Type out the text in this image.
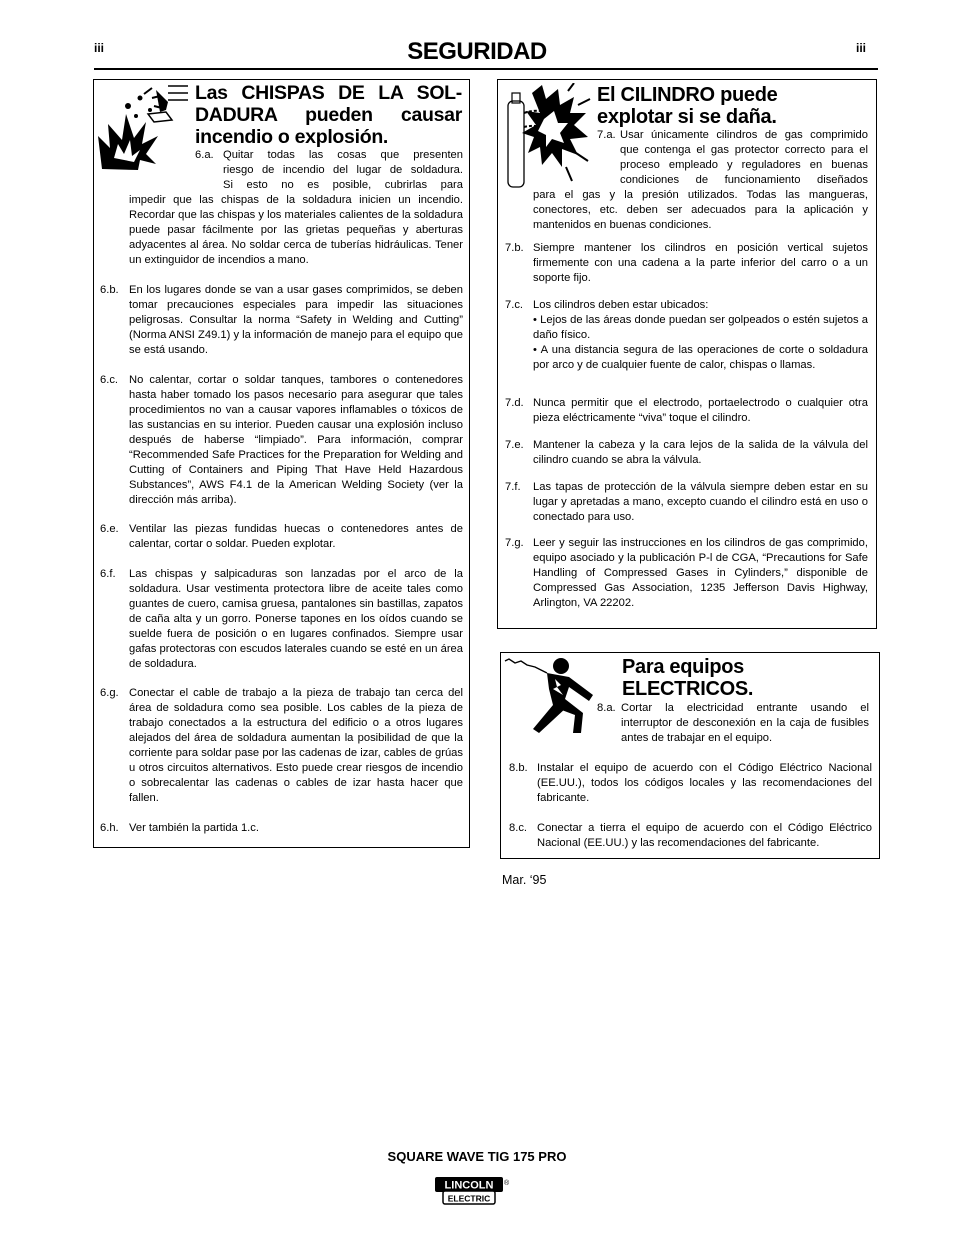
iii	SEGURIDAD	iii
Las CHISPAS DE LA SOL-
DADURA pueden causar
incendio o explosión.
6.a. Quitar todas las cosas que presenten
riesgo de incendio del lugar de soldadura.
Si esto no es posible, cubrirlas para
impedir que las chispas de la soldadura inicien un incendio. Recordar que las chispas y los materiales calientes de la soldadura puede pasar fácilmente por las grietas pequeñas y aberturas adyacentes al área. No soldar cerca de tuberías hidráulicas. Tener un extinguidor de incendios a mano.
6.b. En los lugares donde se van a usar gases comprimidos, se deben tomar precauciones especiales para impedir las situaciones peligrosas. Consultar la norma “Safety in Welding and Cutting” (Norma ANSI Z49.1) y la información de manejo para el equipo que se está usando.
6.c. No calentar, cortar o soldar tanques, tambores o contenedores hasta haber tomado los pasos necesario para asegurar que tales procedimientos no van a causar vapores inflamables o tóxicos de las sustancias en su interior. Pueden causar una explosión incluso después de haberse “limpiado”. Para información, comprar “Recommended Safe Practices for the Preparation for Welding and Cutting of Containers and Piping That Have Held Hazardous Substances”, AWS F4.1 de la American Welding Society (ver la dirección más arriba).
6.e. Ventilar las piezas fundidas huecas o contenedores antes de calentar, cortar o soldar. Pueden explotar.
6.f.	Las chispas y salpicaduras son lanzadas por el arco de la soldadura. Usar vestimenta protectora libre de aceite tales como guantes de cuero, camisa gruesa, pantalones sin bastillas, zapatos de caña alta y un gorro. Ponerse tapones en los oídos cuando se suelde fuera de posición o en lugares confinados. Siempre usar gafas protectoras con escudos laterales cuando se esté en un área de soldadura.
6.g. Conectar el cable de trabajo a la pieza de trabajo tan cerca del área de soldadura como sea posible. Los cables de la pieza de trabajo conectados a la estructura del edificio o a otros lugares alejados del área de soldadura aumentan la posibilidad de que la corriente para soldar pase por las cadenas de izar, cables de grúas u otros circuitos alternativos. Esto puede crear riesgos de incendio o sobrecalentar las cadenas o cables de izar hasta hacer que fallen.
6.h. Ver también la partida 1.c.
El CILINDRO puede
explotar si se daña.
7.a. Usar únicamente cilindros de gas comprimido
que contenga el gas protector correcto para el
proceso empleado y reguladores en buenas
condiciones de funcionamiento diseñados
para el gas y la presión utilizados. Todas las mangueras, conectores, etc. deben ser adecuados para la aplicación y mantenidos en buenas condiciones.
7.b. Siempre mantener los cilindros en posición vertical sujetos firmemente con una cadena a la parte inferior del carro o a un soporte fijo.
7.c. Los cilindros deben estar ubicados:
• Lejos de las áreas donde puedan ser golpeados o estén sujetos a daño físico.
• A una distancia segura de las operaciones de corte o soldadura por arco y de cualquier fuente de calor, chispas o llamas.
7.d. Nunca permitir que el electrodo, portaelectrodo o cualquier otra pieza eléctricamente “viva” toque el cilindro.
7.e. Mantener la cabeza y la cara lejos de la salida de la válvula del cilindro cuando se abra la válvula.
7.f.	Las tapas de protección de la válvula siempre deben estar en su lugar y apretadas a mano, excepto cuando el cilindro está en uso o conectado para uso.
7.g. Leer y seguir las instrucciones en los cilindros de gas comprimido, equipo asociado y la publicación P-l de CGA, “Precautions for Safe Handling of Compressed Gases in Cylinders,” disponible de Compressed Gas Association, 1235 Jefferson Davis Highway, Arlington, VA 22202.
Para equipos
ELECTRICOS.
8.a. Cortar la electricidad entrante usando el interruptor de desconexión en la caja de fusibles antes de trabajar en el equipo.
8.b. Instalar el equipo de acuerdo con el Código Eléctrico Nacional (EE.UU.), todos los códigos locales y las recomendaciones del fabricante.
8.c. Conectar a tierra el equipo de acuerdo con el Código Eléctrico Nacional (EE.UU.) y las recomendaciones del fabricante.
Mar. ‘95
SQUARE WAVE TIG 175 PRO
LINCOLN
ELECTRIC
®
